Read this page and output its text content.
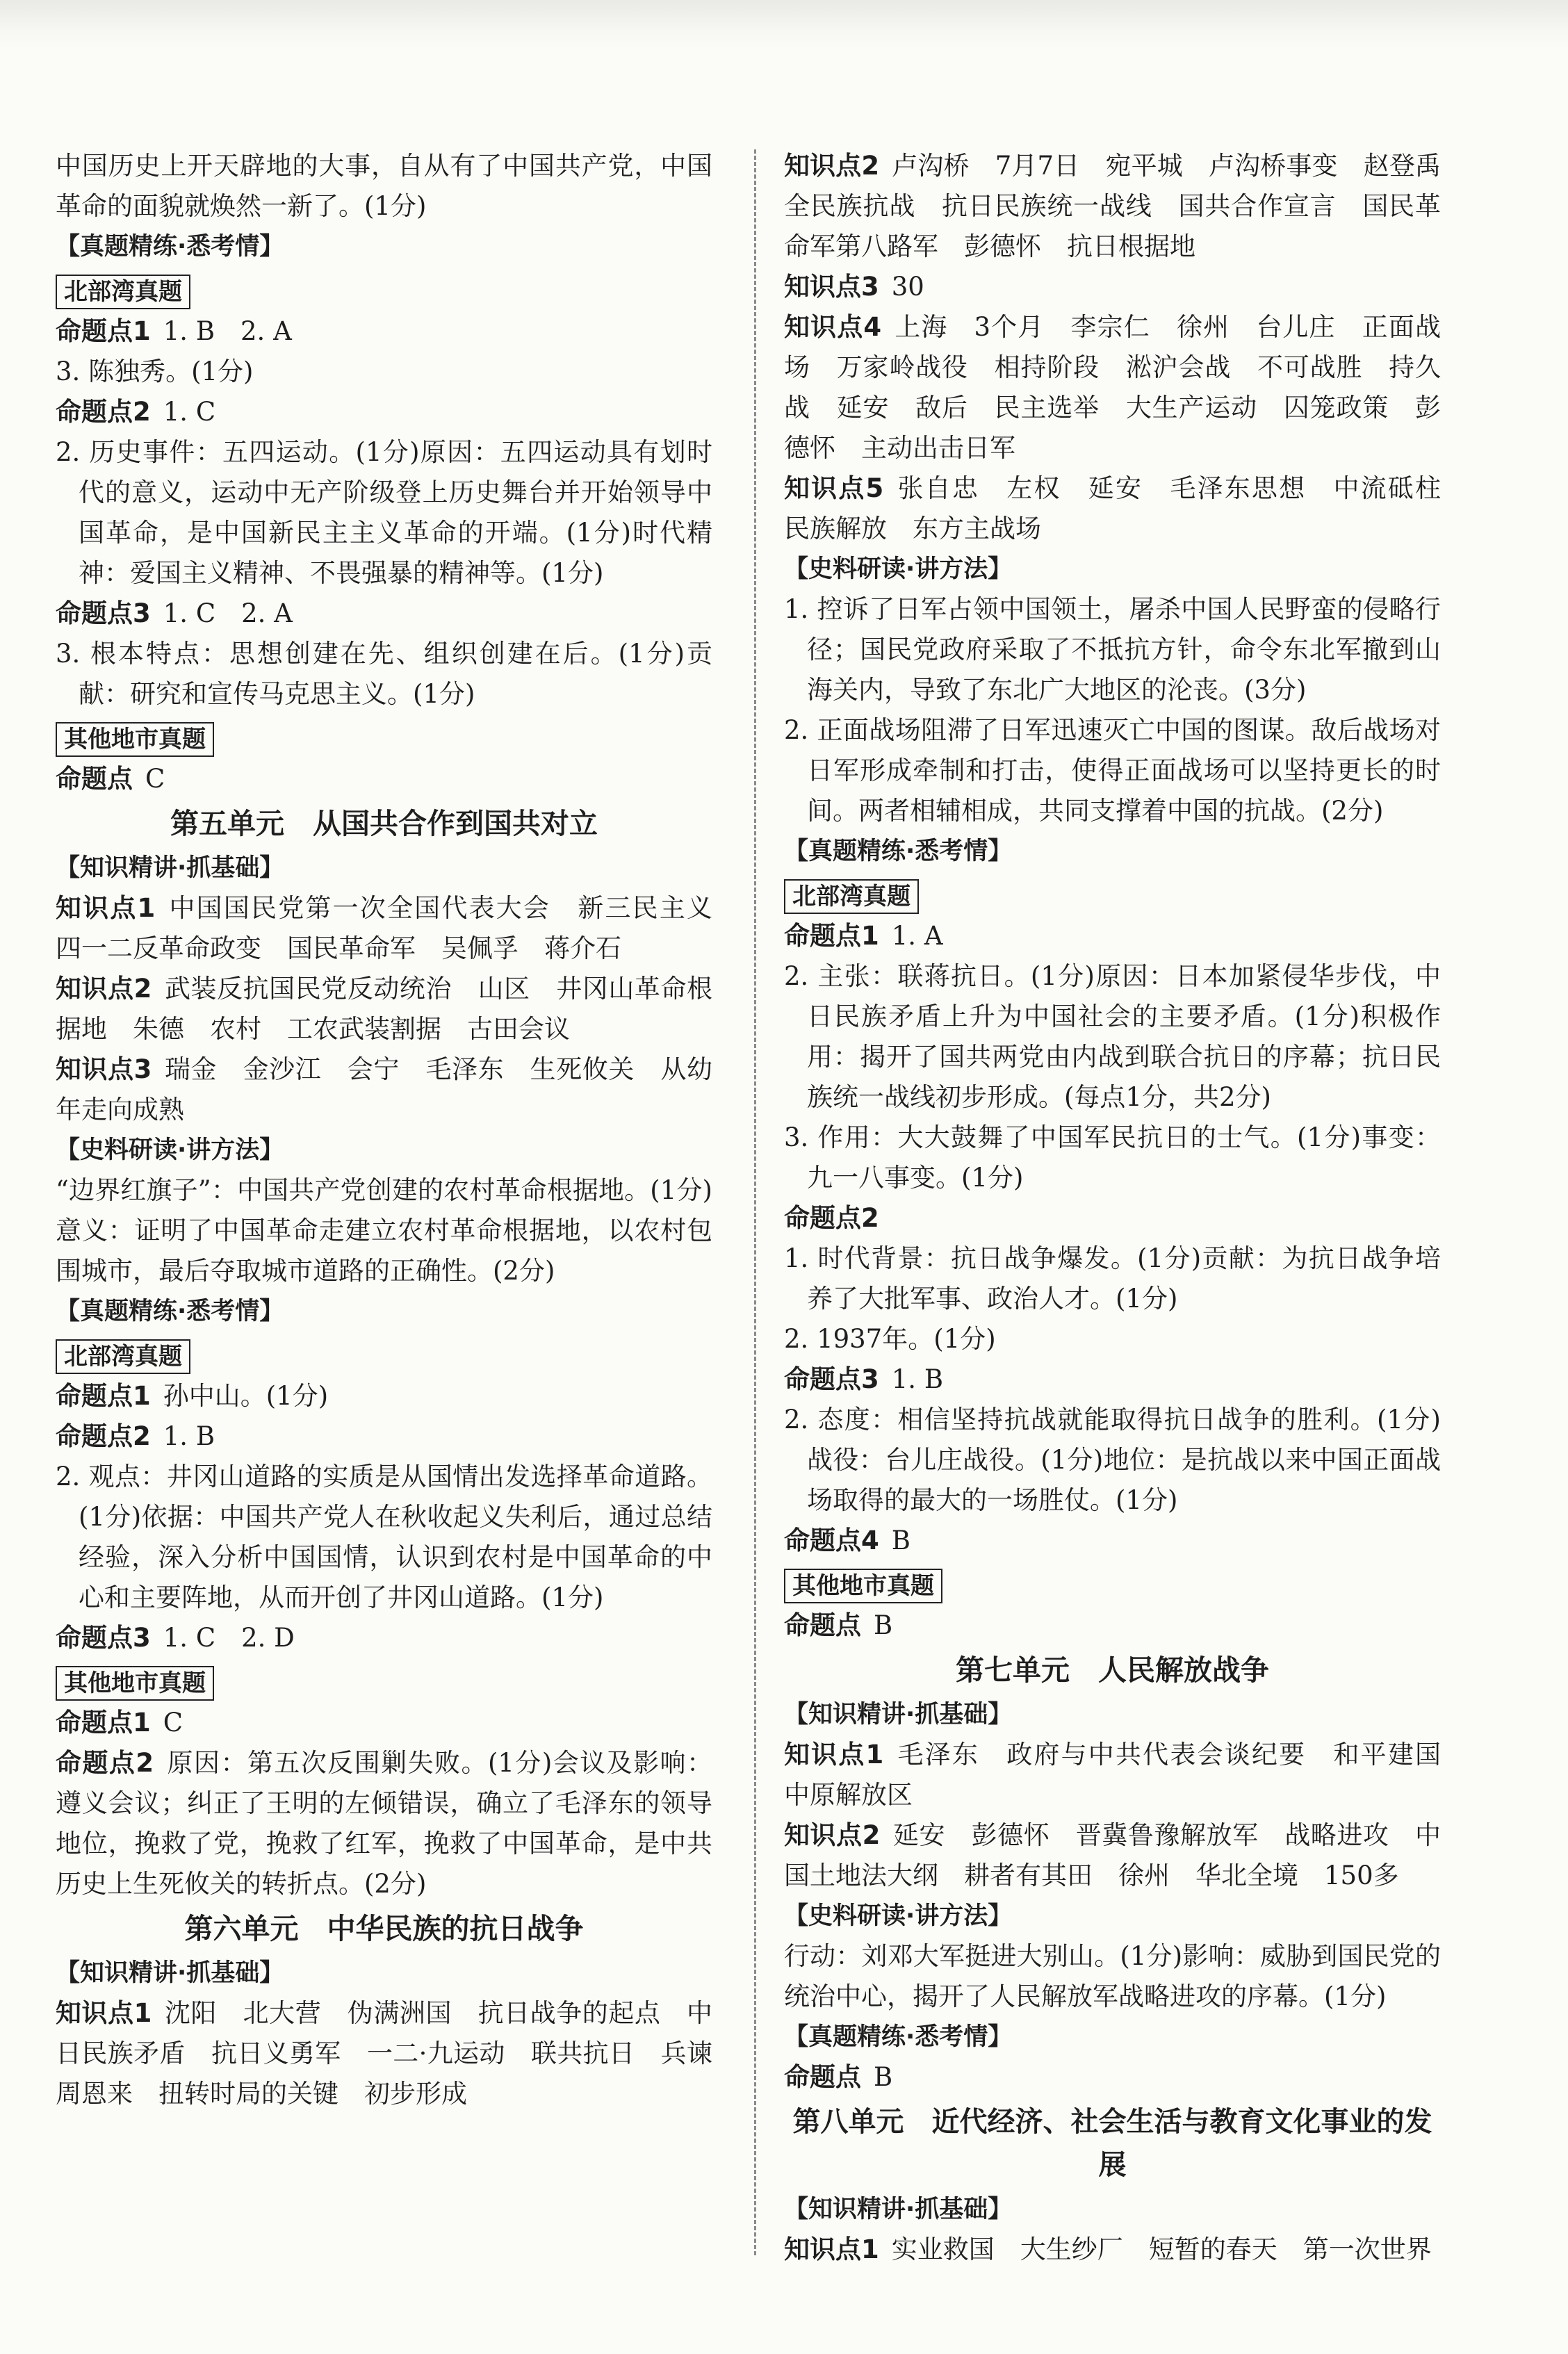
中国历史上开天辟地的大事，自从有了中国共产党，中国革命的面貌就焕然一新了。(1分)

【真题精练·悉考情】

北部湾真题

命题点1 1. B　2. A

3. 陈独秀。(1分)

命题点2 1. C

2. 历史事件：五四运动。(1分)原因：五四运动具有划时代的意义，运动中无产阶级登上历史舞台并开始领导中国革命，是中国新民主主义革命的开端。(1分)时代精神：爱国主义精神、不畏强暴的精神等。(1分)

命题点3 1. C　2. A

3. 根本特点：思想创建在先、组织创建在后。(1分)贡献：研究和宣传马克思主义。(1分)

其他地市真题

命题点 C

第五单元　从国共合作到国共对立

【知识精讲·抓基础】

知识点1 中国国民党第一次全国代表大会　新三民主义　四一二反革命政变　国民革命军　吴佩孚　蒋介石

知识点2 武装反抗国民党反动统治　山区　井冈山革命根据地　朱德　农村　工农武装割据　古田会议

知识点3 瑞金　金沙江　会宁　毛泽东　生死攸关　从幼年走向成熟

【史料研读·讲方法】

“边界红旗子”：中国共产党创建的农村革命根据地。(1分)意义：证明了中国革命走建立农村革命根据地，以农村包围城市，最后夺取城市道路的正确性。(2分)

【真题精练·悉考情】

北部湾真题

命题点1 孙中山。(1分)

命题点2 1. B

2. 观点：井冈山道路的实质是从国情出发选择革命道路。(1分)依据：中国共产党人在秋收起义失利后，通过总结经验，深入分析中国国情，认识到农村是中国革命的中心和主要阵地，从而开创了井冈山道路。(1分)

命题点3 1. C　2. D

其他地市真题

命题点1 C

命题点2 原因：第五次反围剿失败。(1分)会议及影响：遵义会议；纠正了王明的左倾错误，确立了毛泽东的领导地位，挽救了党，挽救了红军，挽救了中国革命，是中共历史上生死攸关的转折点。(2分)

第六单元　中华民族的抗日战争

【知识精讲·抓基础】

知识点1 沈阳　北大营　伪满洲国　抗日战争的起点　中日民族矛盾　抗日义勇军　一二·九运动　联共抗日　兵谏　周恩来　扭转时局的关键　初步形成

知识点2 卢沟桥　7月7日　宛平城　卢沟桥事变　赵登禹　全民族抗战　抗日民族统一战线　国共合作宣言　国民革命军第八路军　彭德怀　抗日根据地

知识点3 30

知识点4 上海　3个月　李宗仁　徐州　台儿庄　正面战场　万家岭战役　相持阶段　淞沪会战　不可战胜　持久战　延安　敌后　民主选举　大生产运动　囚笼政策　彭德怀　主动出击日军

知识点5 张自忠　左权　延安　毛泽东思想　中流砥柱　民族解放　东方主战场

【史料研读·讲方法】

1. 控诉了日军占领中国领土，屠杀中国人民野蛮的侵略行径；国民党政府采取了不抵抗方针，命令东北军撤到山海关内，导致了东北广大地区的沦丧。(3分)

2. 正面战场阻滞了日军迅速灭亡中国的图谋。敌后战场对日军形成牵制和打击，使得正面战场可以坚持更长的时间。两者相辅相成，共同支撑着中国的抗战。(2分)

【真题精练·悉考情】

北部湾真题

命题点1 1. A

2. 主张：联蒋抗日。(1分)原因：日本加紧侵华步伐，中日民族矛盾上升为中国社会的主要矛盾。(1分)积极作用：揭开了国共两党由内战到联合抗日的序幕；抗日民族统一战线初步形成。(每点1分，共2分)

3. 作用：大大鼓舞了中国军民抗日的士气。(1分)事变：九一八事变。(1分)

命题点2

1. 时代背景：抗日战争爆发。(1分)贡献：为抗日战争培养了大批军事、政治人才。(1分)

2. 1937年。(1分)

命题点3 1. B

2. 态度：相信坚持抗战就能取得抗日战争的胜利。(1分)战役：台儿庄战役。(1分)地位：是抗战以来中国正面战场取得的最大的一场胜仗。(1分)

命题点4 B

其他地市真题

命题点 B

第七单元　人民解放战争

【知识精讲·抓基础】

知识点1 毛泽东　政府与中共代表会谈纪要　和平建国　中原解放区

知识点2 延安　彭德怀　晋冀鲁豫解放军　战略进攻　中国土地法大纲　耕者有其田　徐州　华北全境　150多

【史料研读·讲方法】

行动：刘邓大军挺进大别山。(1分)影响：威胁到国民党的统治中心，揭开了人民解放军战略进攻的序幕。(1分)

【真题精练·悉考情】

命题点 B

第八单元　近代经济、社会生活与教育文化事业的发展

【知识精讲·抓基础】

知识点1 实业救国　大生纱厂　短暂的春天　第一次世界
